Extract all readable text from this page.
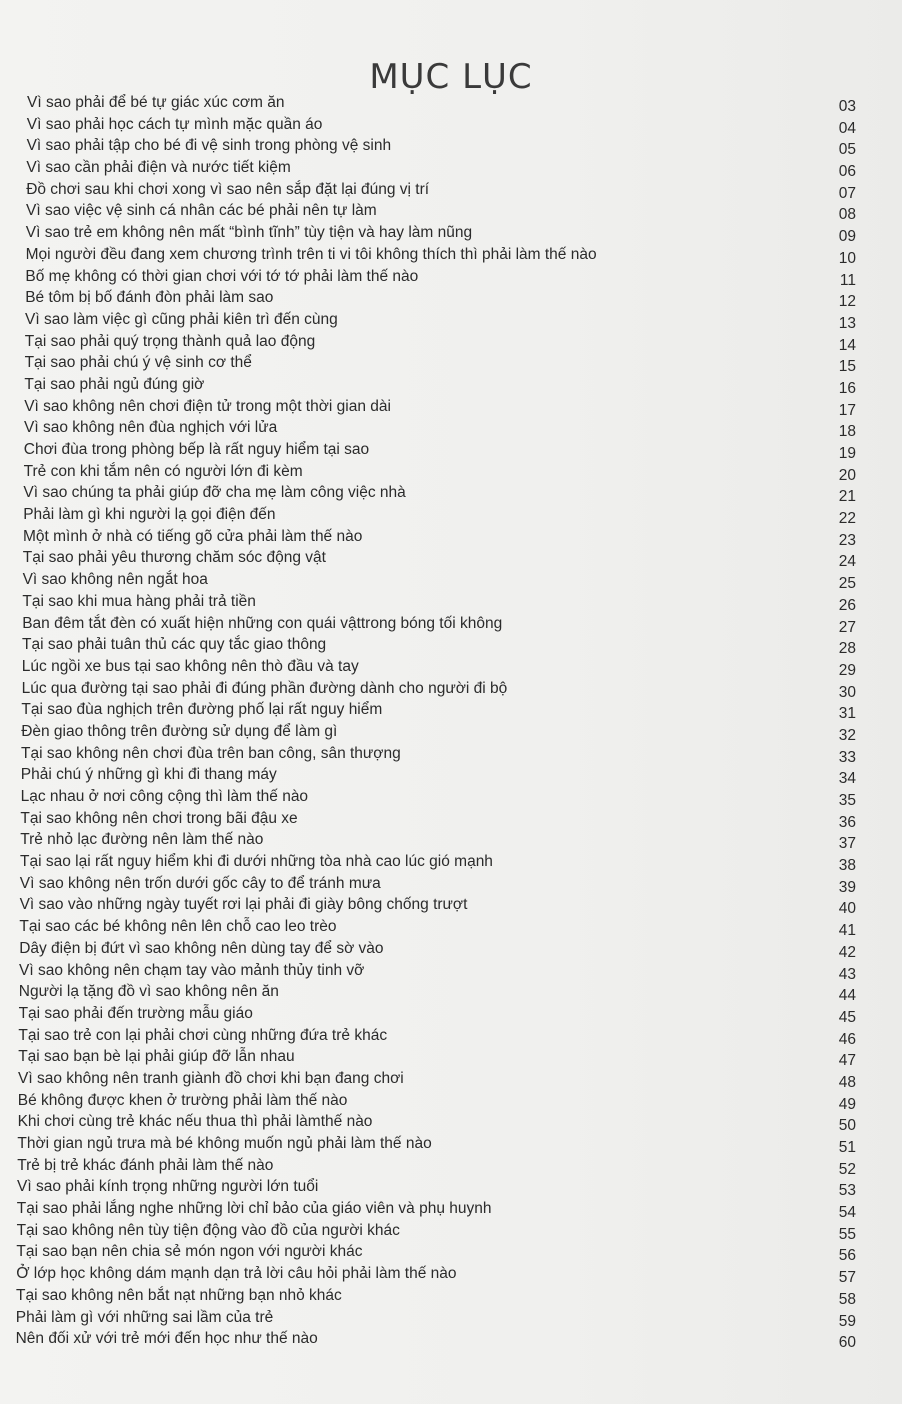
MỤC LỤC
Vì sao phải để bé tự giác xúc cơm ăn	03
Vì sao phải học cách tự mình mặc quần áo	04
Vì sao phải tập cho bé đi vệ sinh trong phòng vệ sinh	05
Vì sao cần phải điện và nước tiết kiệm	06
Đồ chơi sau khi chơi xong vì sao nên sắp đặt lại đúng vị trí	07
Vì sao việc vệ sinh cá nhân các bé phải nên tự làm	08
Vì sao trẻ em không nên mất “bình tĩnh” tùy tiện và hay làm nũng	09
Mọi người đều đang xem chương trình trên ti vi tôi không thích thì phải làm thế nào	10
Bố mẹ không có thời gian chơi với tớ tớ phải làm thế nào	11
Bé tôm bị bố đánh đòn phải làm sao	12
Vì sao làm việc gì cũng phải kiên trì đến cùng	13
Tại sao phải quý trọng thành quả lao động	14
Tại sao phải chú ý vệ sinh cơ thể	15
Tại sao phải ngủ đúng giờ	16
Vì sao không nên chơi điện tử trong một thời gian dài	17
Vì sao không nên đùa nghịch với lửa	18
Chơi đùa trong phòng bếp là rất nguy hiểm tại sao	19
Trẻ con khi tắm nên có người lớn đi kèm	20
Vì sao chúng ta phải giúp đỡ cha mẹ làm công việc nhà	21
Phải làm gì khi người lạ gọi điện đến	22
Một mình ở nhà có tiếng gõ cửa phải làm thế nào	23
Tại sao phải yêu thương chăm sóc động vật	24
Vì sao không nên ngắt hoa	25
Tại sao khi mua hàng phải trả tiền	26
Ban đêm tắt đèn có xuất hiện những con quái vậttrong bóng tối không	27
Tại sao phải tuân thủ các quy tắc giao thông	28
Lúc ngồi xe bus tại sao không nên thò đầu và tay	29
Lúc qua đường tại sao phải đi đúng phần đường dành cho người đi bộ	30
Tại sao đùa nghịch trên đường phố lại rất nguy hiểm	31
Đèn giao thông trên đường sử dụng để làm gì	32
Tại sao không nên chơi đùa trên ban công, sân thượng	33
Phải chú ý những gì khi đi thang máy	34
Lạc nhau ở nơi công cộng thì làm thế nào	35
Tại sao không nên chơi trong bãi đậu xe	36
Trẻ nhỏ lạc đường nên làm thế nào	37
Tại sao lại rất nguy hiểm khi đi dưới những tòa nhà cao lúc gió mạnh	38
Vì sao không nên trốn dưới gốc cây to để tránh mưa	39
Vì sao vào những ngày tuyết rơi lại phải đi giày bông chống trượt	40
Tại sao các bé không nên lên chỗ cao leo trèo	41
Dây điện bị đứt vì sao không nên dùng tay để sờ vào	42
Vì sao không nên chạm tay vào mảnh thủy tinh vỡ	43
Người lạ tặng đồ vì sao không nên ăn	44
Tại sao phải đến trường mẫu giáo	45
Tại sao trẻ con lại phải chơi cùng những đứa trẻ khác	46
Tại sao bạn bè lại phải giúp đỡ lẫn nhau	47
Vì sao không nên tranh giành đồ chơi khi bạn đang chơi	48
Bé không được khen ở trường phải làm thế nào	49
Khi chơi cùng trẻ khác nếu thua thì phải làmthế nào	50
Thời gian ngủ trưa mà bé không muốn ngủ phải làm thế nào	51
Trẻ bị trẻ khác đánh phải làm thế nào	52
Vì sao phải kính trọng những người lớn tuổi	53
Tại sao phải lắng nghe những lời chỉ bảo của giáo viên và phụ huynh	54
Tại sao không nên tùy tiện động vào đồ của người khác	55
Tại sao bạn nên chia sẻ món ngon với người khác	56
Ở lớp học không dám mạnh dạn trả lời câu hỏi phải làm thế nào	57
Tại sao không nên bắt nạt những bạn nhỏ khác	58
Phải làm gì với những sai lầm của trẻ	59
Nên đối xử với trẻ mới đến học như thế nào	60
